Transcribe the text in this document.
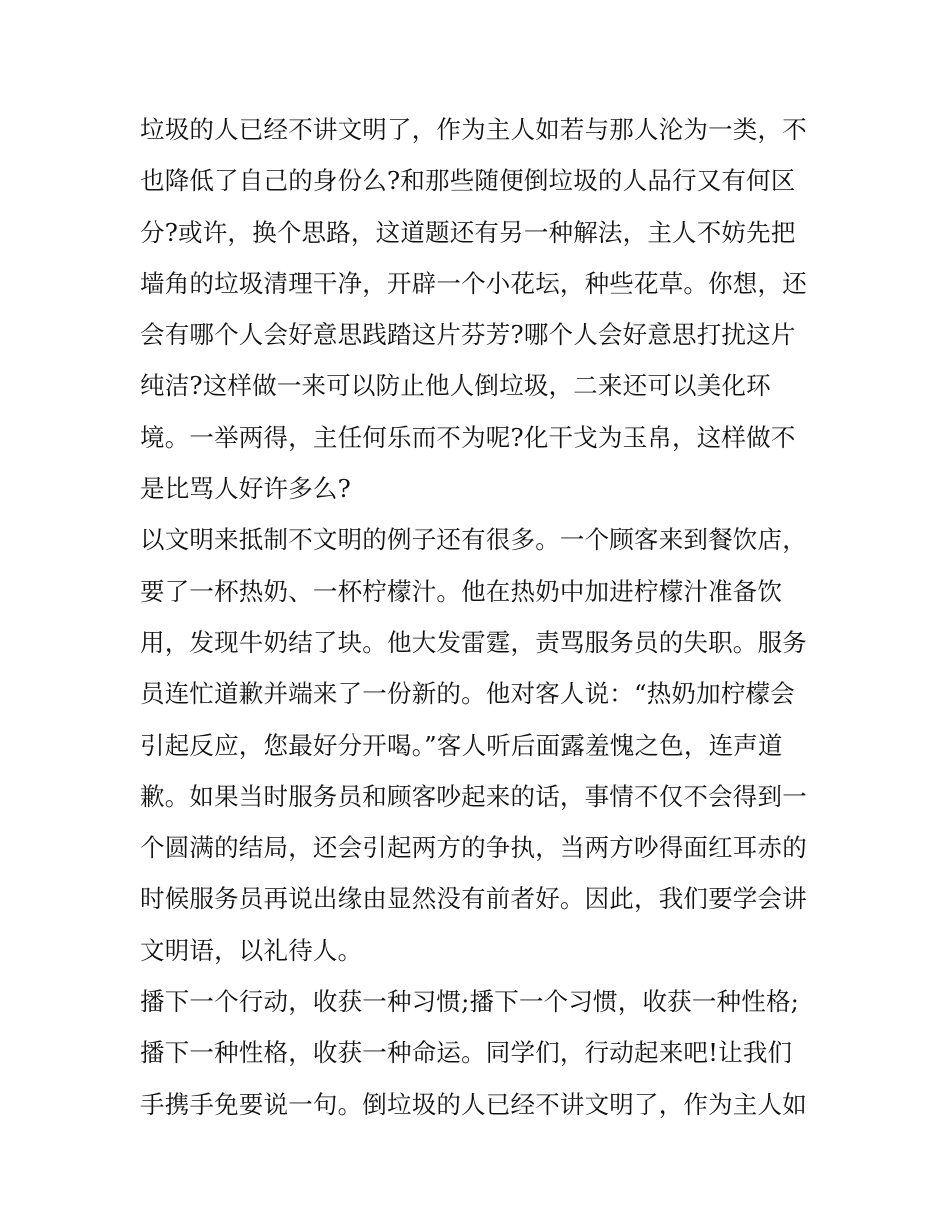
垃圾的人已经不讲文明了，作为主人如若与那人沦为一类，不
也降低了自己的身份么?和那些随便倒垃圾的人品行又有何区
分?或许，换个思路，这道题还有另一种解法，主人不妨先把
墙角的垃圾清理干净，开辟一个小花坛，种些花草。你想，还
会有哪个人会好意思践踏这片芬芳?哪个人会好意思打扰这片
纯洁?这样做一来可以防止他人倒垃圾，二来还可以美化环
境。一举两得，主任何乐而不为呢?化干戈为玉帛，这样做不
是比骂人好许多么?
以文明来抵制不文明的例子还有很多。一个顾客来到餐饮店，
要了一杯热奶、一杯柠檬汁。他在热奶中加进柠檬汁准备饮
用，发现牛奶结了块。他大发雷霆，责骂服务员的失职。服务
员连忙道歉并端来了一份新的。他对客人说：“热奶加柠檬会
引起反应，您最好分开喝。”客人听后面露羞愧之色，连声道
歉。如果当时服务员和顾客吵起来的话，事情不仅不会得到一
个圆满的结局，还会引起两方的争执，当两方吵得面红耳赤的
时候服务员再说出缘由显然没有前者好。因此，我们要学会讲
文明语，以礼待人。
播下一个行动，收获一种习惯;播下一个习惯，收获一种性格;
播下一种性格，收获一种命运。同学们，行动起来吧!让我们
手携手免要说一句。倒垃圾的人已经不讲文明了，作为主人如
